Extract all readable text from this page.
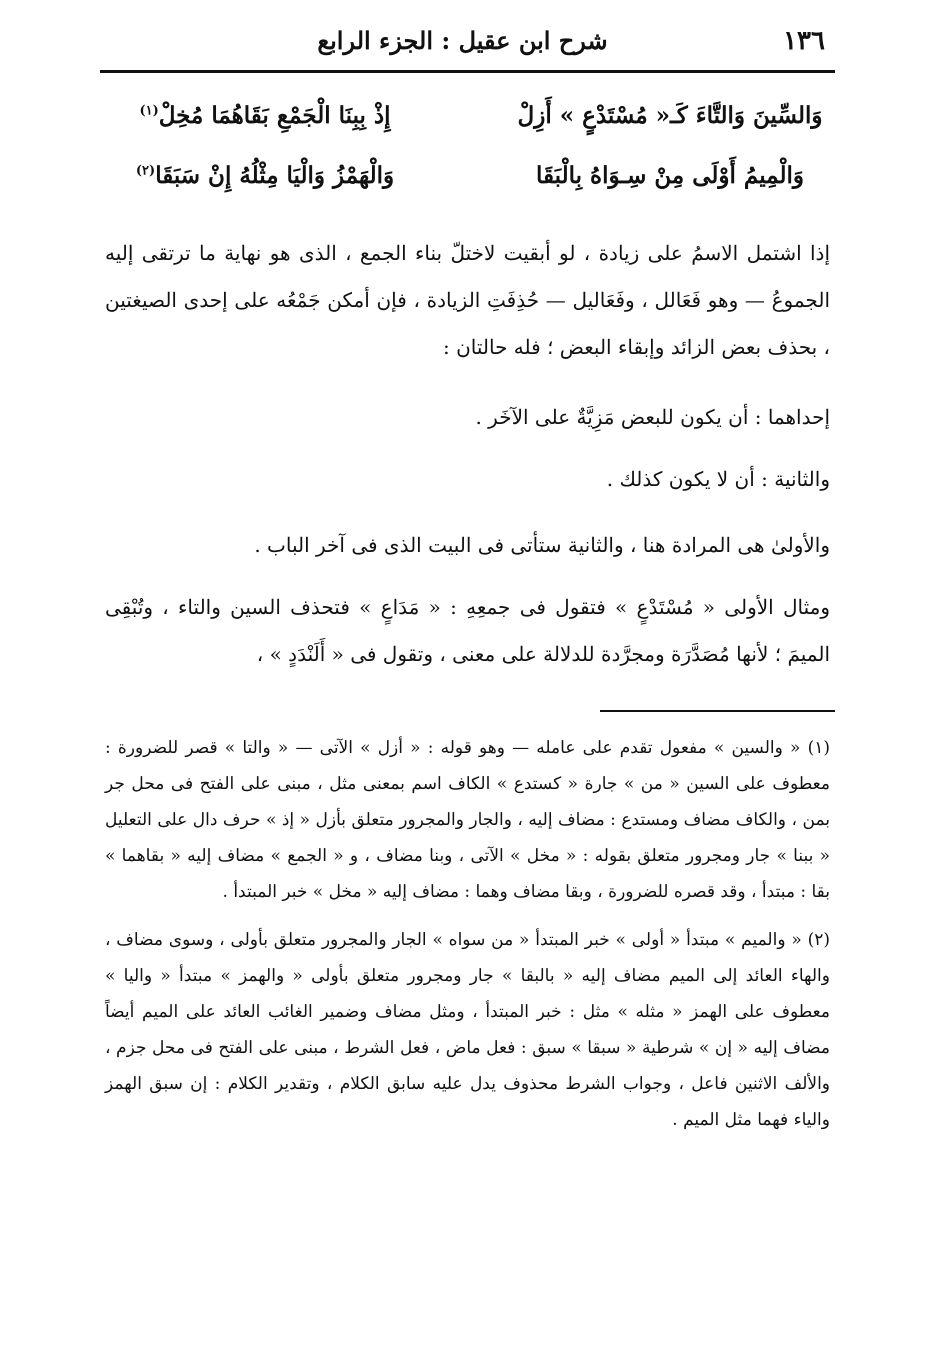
١٣٦
شرح ابن عقيل : الجزء الرابع
وَالسِّينَ وَالتَّاءَ كَـ« مُسْتَدْعٍ » أَزِلْ
إِذْ بِبِنَا الْجَمْعِ بَقَاهُمَا مُخِلْ$^{(١)}$
وَالْمِيمُ أَوْلَى مِنْ سِـوَاهُ بِالْبَقَا
وَالْهَمْزُ وَالْيَا مِثْلُهُ إِنْ سَبَقَا$^{(٢)}$

إذا اشتمل الاسمُ على زيادة ، لو أبقيت لاختلّ بناء الجمع ، الذى هو نهاية ما ترتقى إليه الجموعُ — وهو فَعَالل ، وفَعَاليل — حُذِفَتِ الزيادة ، فإن أمكن جَمْعُه على إحدى الصيغتين ، بحذف بعض الزائد وإبقاء البعض ؛ فله حالتان :

إحداهما : أن يكون للبعض مَزِيَّةٌ على الآخَر .

والثانية : أن لا يكون كذلك .

والأولىٰ هى المرادة هنا ، والثانية ستأتى فى البيت الذى فى آخر الباب .

ومثال الأولى « مُسْتَدْعٍ » فتقول فى جمعِهِ : « مَدَاعٍ » فتحذف السين والتاء ، وتُبْقِى الميمَ ؛ لأنها مُصَدَّرَة ومجرَّدة للدلالة على معنى ، وتقول فى « أَلَنْدَدٍ » ،

(١) « والسين » مفعول تقدم على عامله — وهو قوله : « أزل » الآتى — « والتا » قصر للضرورة : معطوف على السين « من » جارة « كستدع » الكاف اسم بمعنى مثل ، مبنى على الفتح فى محل جر بمن ، والكاف مضاف ومستدع : مضاف إليه ، والجار والمجرور متعلق بأزل « إذ » حرف دال على التعليل « ببنا » جار ومجرور متعلق بقوله : « مخل » الآتى ، وبنا مضاف ، و « الجمع » مضاف إليه « بقاهما » بقا : مبتدأ ، وقد قصره للضرورة ، وبقا مضاف وهما : مضاف إليه « مخل » خبر المبتدأ .

(٢) « والميم » مبتدأ « أولى » خبر المبتدأ « من سواه » الجار والمجرور متعلق بأولى ، وسوى مضاف ، والهاء العائد إلى الميم مضاف إليه « بالبقا » جار ومجرور متعلق بأولى « والهمز » مبتدأ « واليا » معطوف على الهمز « مثله » مثل : خبر المبتدأ ، ومثل مضاف وضمير الغائب العائد على الميم أيضاً مضاف إليه « إن » شرطية « سبقا » سبق : فعل ماض ، فعل الشرط ، مبنى على الفتح فى محل جزم ، والألف الاثنين فاعل ، وجواب الشرط محذوف يدل عليه سابق الكلام ، وتقدير الكلام : إن سبق الهمز والياء فهما مثل الميم .
